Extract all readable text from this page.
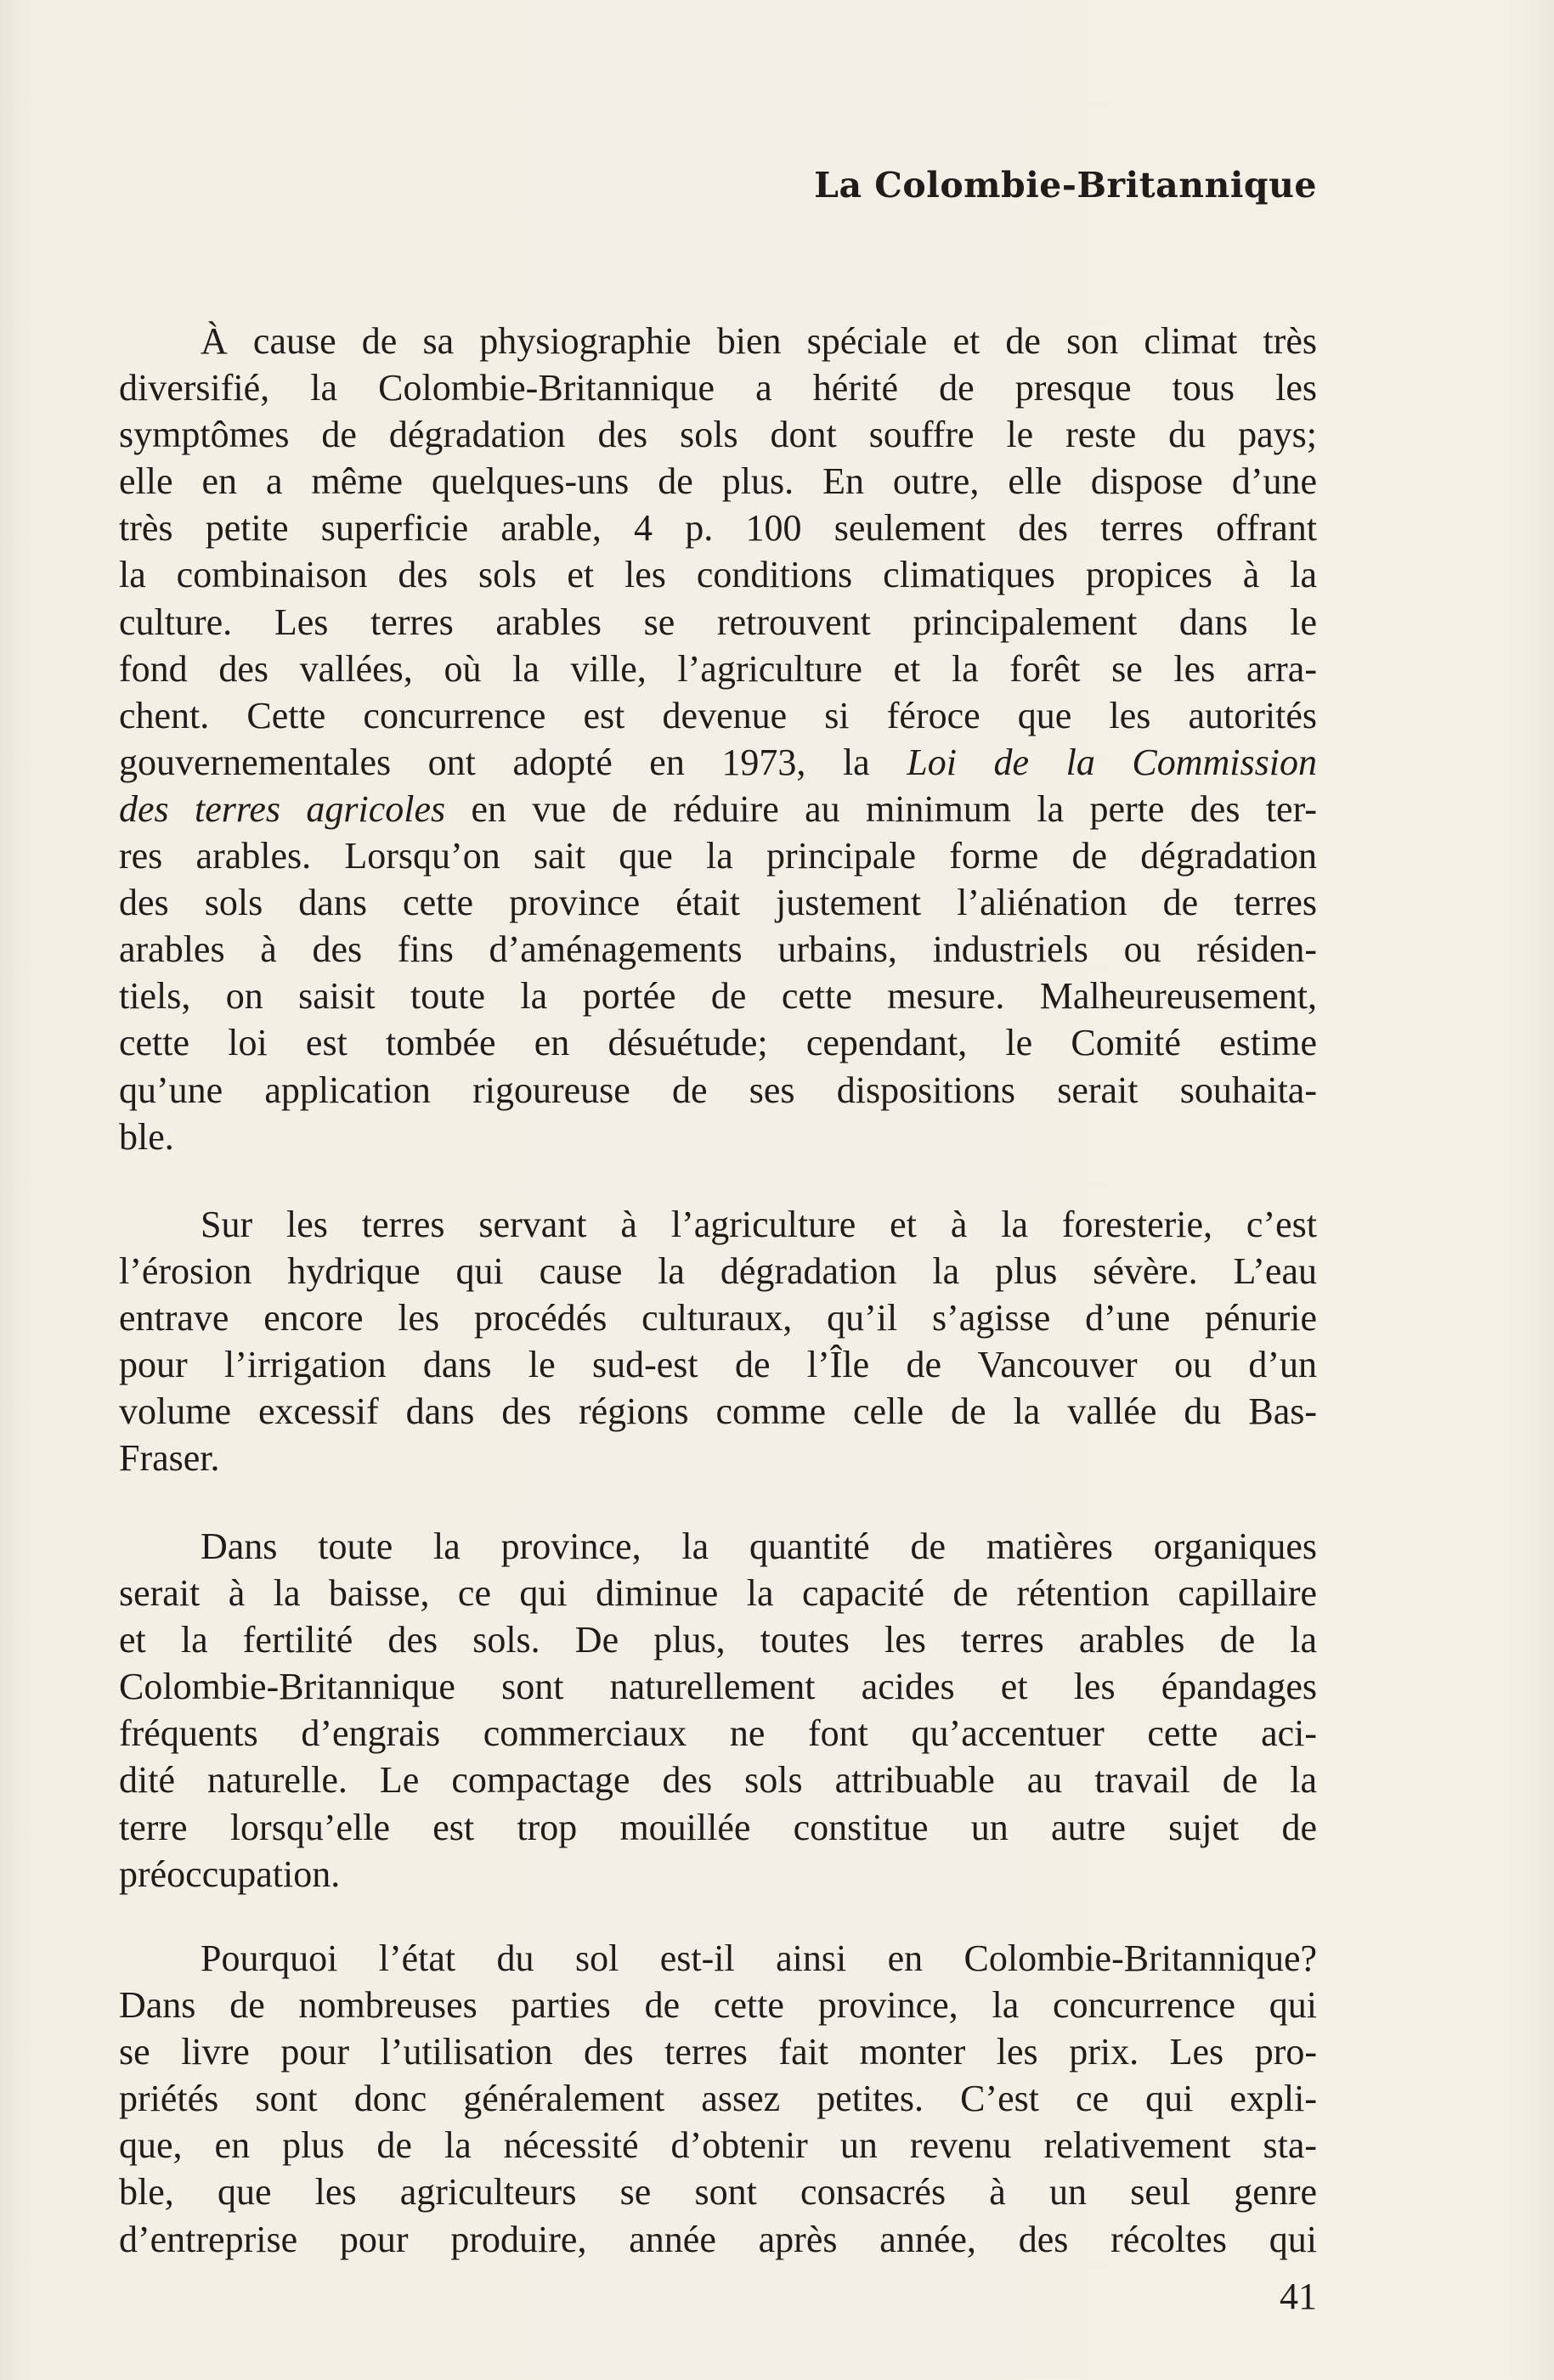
La Colombie-Britannique

À cause de sa physiographie bien spéciale et de son climat très
diversifié, la Colombie-Britannique a hérité de presque tous les
symptômes de dégradation des sols dont souffre le reste du pays;
elle en a même quelques-uns de plus. En outre, elle dispose d’une
très petite superficie arable, 4 p. 100 seulement des terres offrant
la combinaison des sols et les conditions climatiques propices à la
culture. Les terres arables se retrouvent principalement dans le
fond des vallées, où la ville, l’agriculture et la forêt se les arra-
chent. Cette concurrence est devenue si féroce que les autorités
gouvernementales ont adopté en 1973, la Loi de la Commission
des terres agricoles en vue de réduire au minimum la perte des ter-
res arables. Lorsqu’on sait que la principale forme de dégradation
des sols dans cette province était justement l’aliénation de terres
arables à des fins d’aménagements urbains, industriels ou résiden-
tiels, on saisit toute la portée de cette mesure. Malheureusement,
cette loi est tombée en désuétude; cependant, le Comité estime
qu’une application rigoureuse de ses dispositions serait souhaita-
ble.

Sur les terres servant à l’agriculture et à la foresterie, c’est
l’érosion hydrique qui cause la dégradation la plus sévère. L’eau
entrave encore les procédés culturaux, qu’il s’agisse d’une pénurie
pour l’irrigation dans le sud-est de l’Île de Vancouver ou d’un
volume excessif dans des régions comme celle de la vallée du Bas-
Fraser.

Dans toute la province, la quantité de matières organiques
serait à la baisse, ce qui diminue la capacité de rétention capillaire
et la fertilité des sols. De plus, toutes les terres arables de la
Colombie-Britannique sont naturellement acides et les épandages
fréquents d’engrais commerciaux ne font qu’accentuer cette aci-
dité naturelle. Le compactage des sols attribuable au travail de la
terre lorsqu’elle est trop mouillée constitue un autre sujet de
préoccupation.

Pourquoi l’état du sol est-il ainsi en Colombie-Britannique?
Dans de nombreuses parties de cette province, la concurrence qui
se livre pour l’utilisation des terres fait monter les prix. Les pro-
priétés sont donc généralement assez petites. C’est ce qui expli-
que, en plus de la nécessité d’obtenir un revenu relativement sta-
ble, que les agriculteurs se sont consacrés à un seul genre
d’entreprise pour produire, année après année, des récoltes qui

41
